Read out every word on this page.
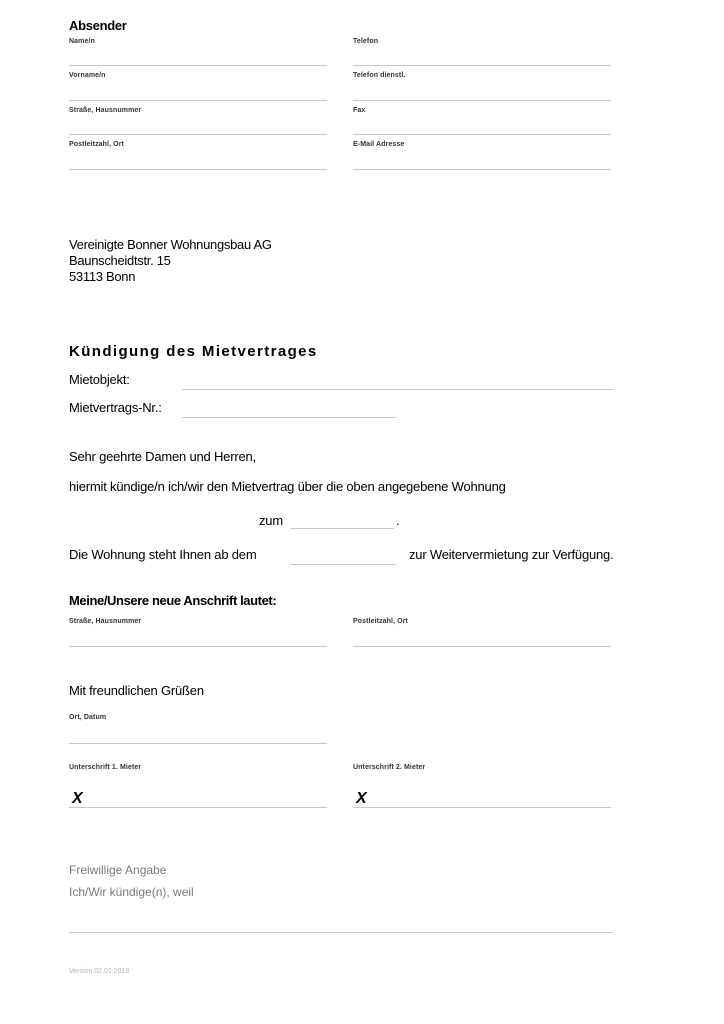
Absender
Name/n	Telefon
Vorname/n	Telefon dienstl.
Straße, Hausnummer	Fax
Postleitzahl, Ort	E-Mail Adresse
Vereinigte Bonner Wohnungsbau AG
Baunscheidtstr. 15
53113 Bonn
Kündigung des Mietvertrages
Mietobjekt:
Mietvertrags-Nr.:
Sehr geehrte Damen und Herren,
hiermit kündige/n ich/wir den Mietvertrag über die oben angegebene Wohnung
zum	.
Die Wohnung steht Ihnen ab dem	zur Weitervermietung zur Verfügung.
Meine/Unsere neue Anschrift lautet:
Straße, Hausnummer	Postleitzahl, Ort
Mit freundlichen Grüßen
Ort, Datum
Unterschrift 1. Mieter
X
Unterschrift 2. Mieter
X
Freiwillige Angabe
Ich/Wir kündige(n), weil
Version 02.01.2018
